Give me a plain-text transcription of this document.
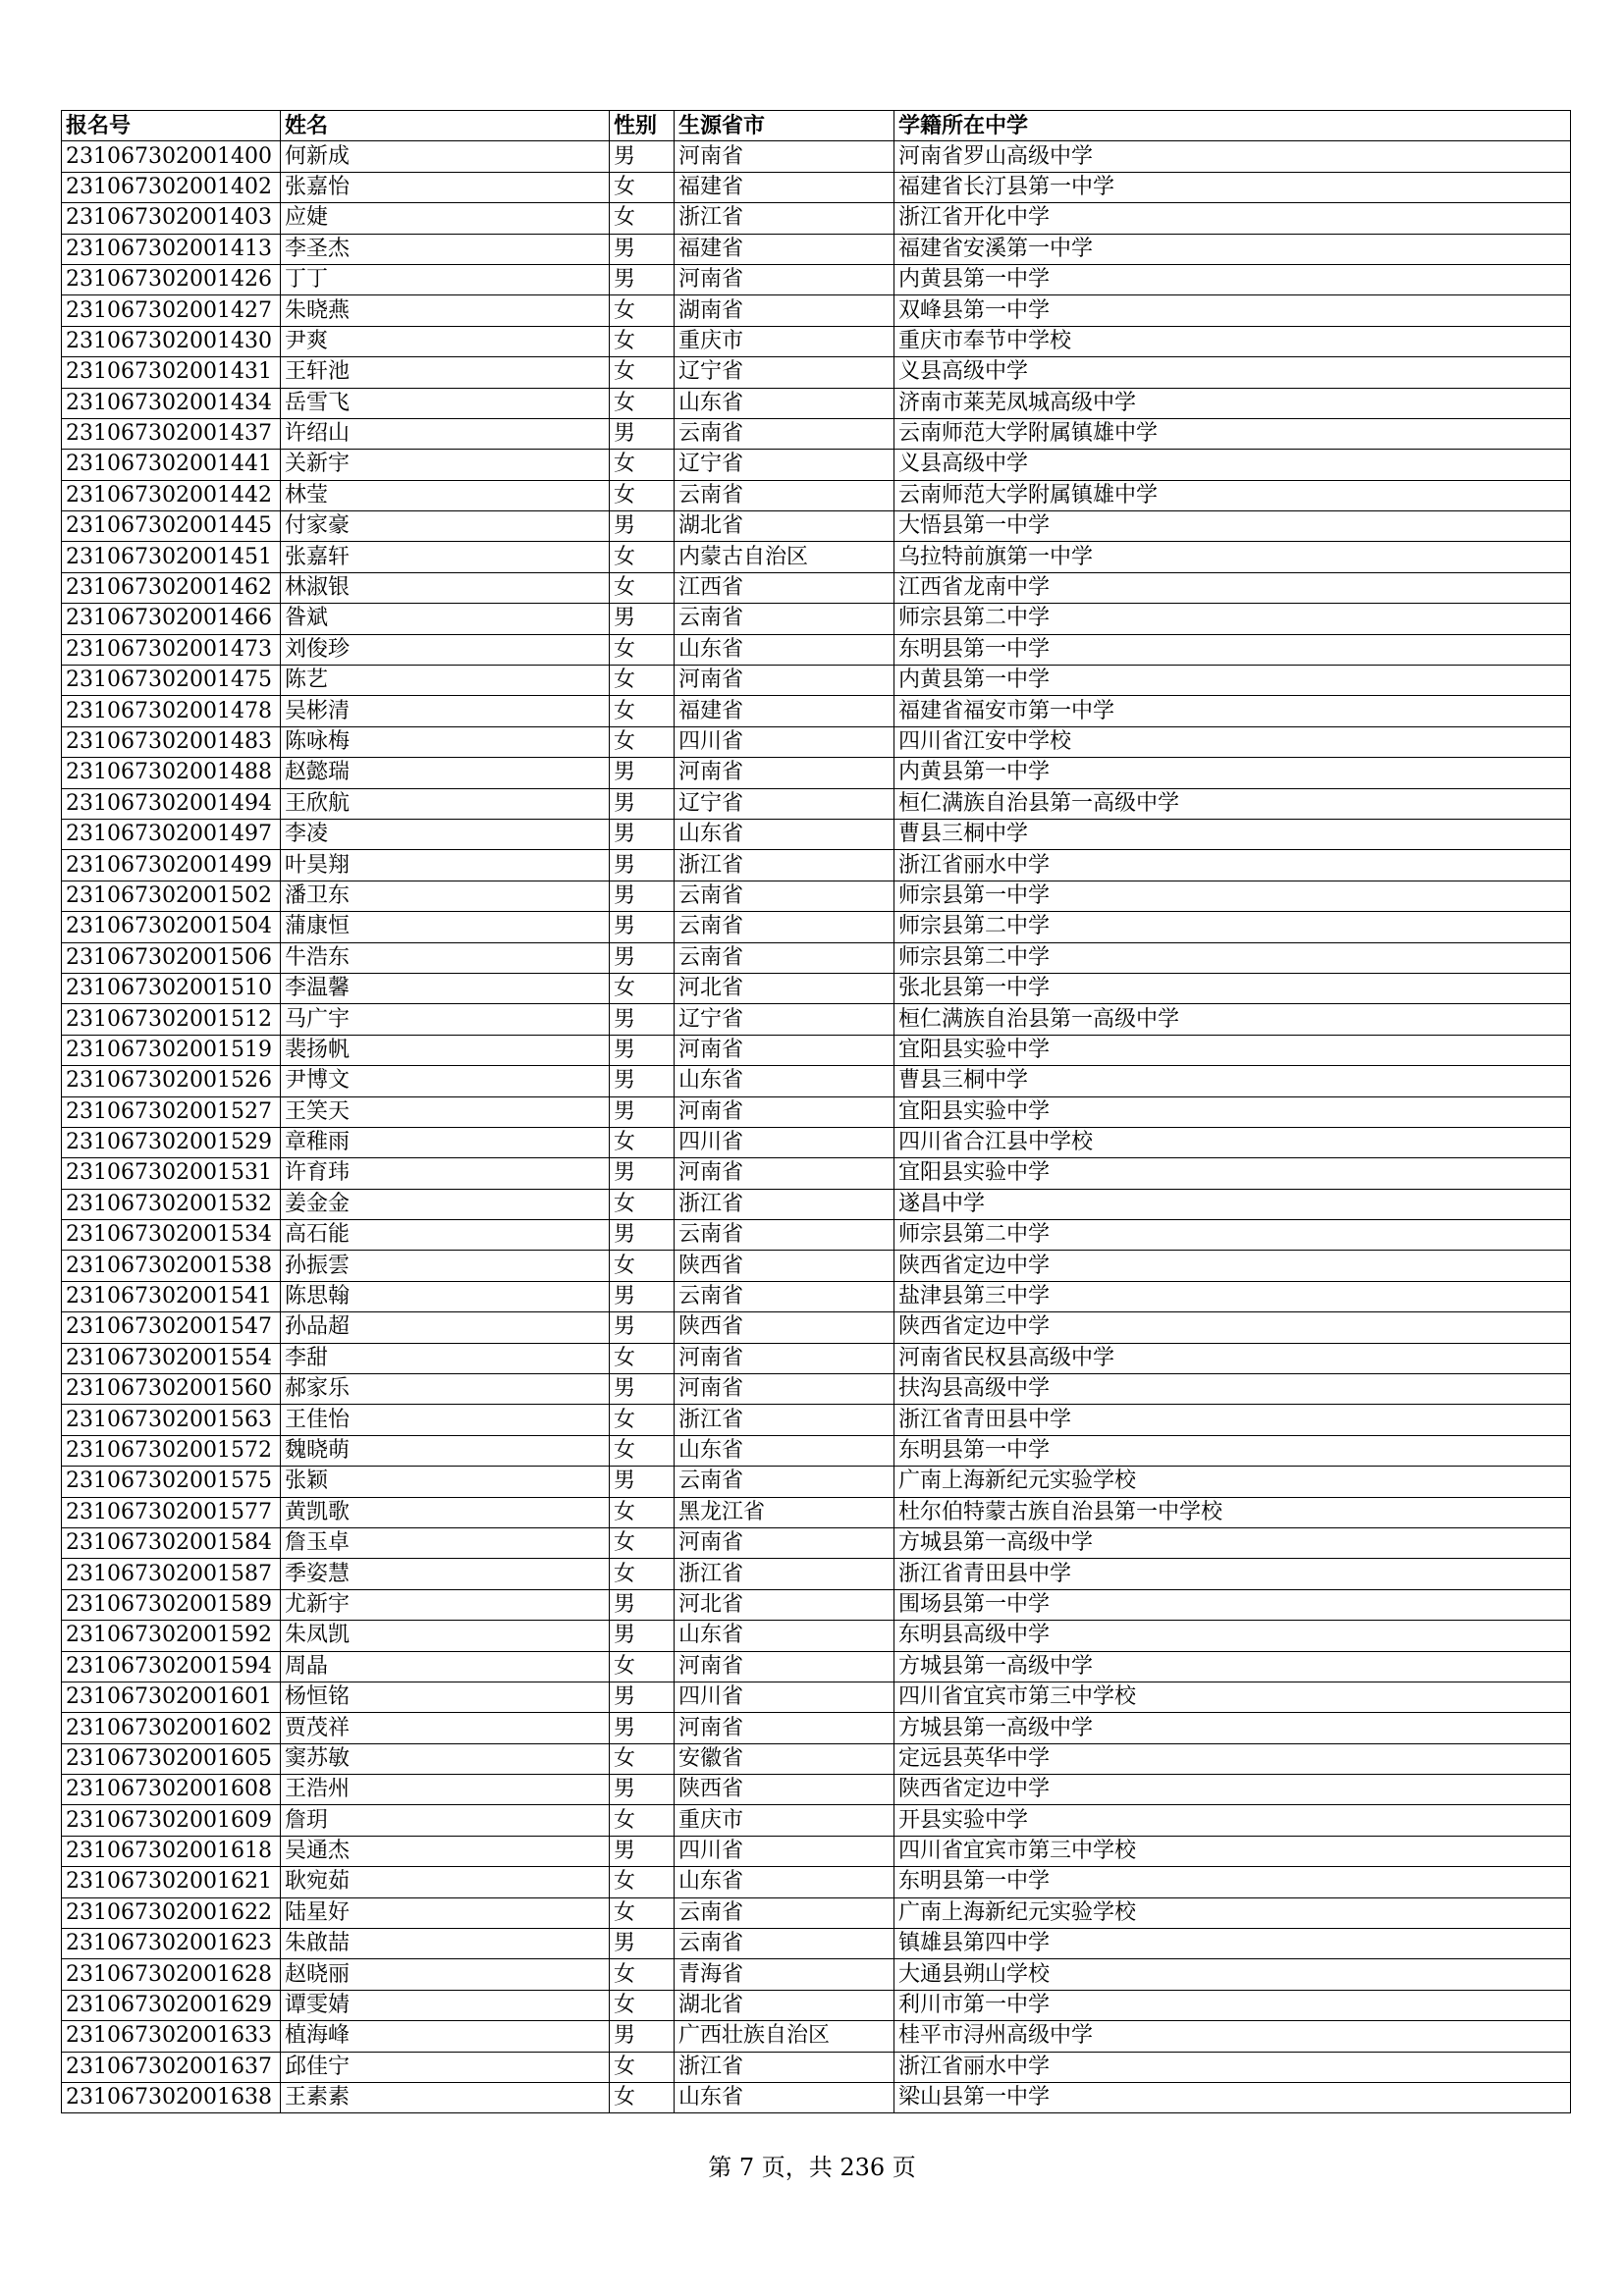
报名号	姓名	性别	生源省市	学籍所在中学
231067302001400	何新成	男	河南省	河南省罗山高级中学
231067302001402	张嘉怡	女	福建省	福建省长汀县第一中学
231067302001403	应婕	女	浙江省	浙江省开化中学
231067302001413	李圣杰	男	福建省	福建省安溪第一中学
231067302001426	丁丁	男	河南省	内黄县第一中学
231067302001427	朱晓燕	女	湖南省	双峰县第一中学
231067302001430	尹爽	女	重庆市	重庆市奉节中学校
231067302001431	王轩池	女	辽宁省	义县高级中学
231067302001434	岳雪飞	女	山东省	济南市莱芜凤城高级中学
231067302001437	许绍山	男	云南省	云南师范大学附属镇雄中学
231067302001441	关新宇	女	辽宁省	义县高级中学
231067302001442	林莹	女	云南省	云南师范大学附属镇雄中学
231067302001445	付家豪	男	湖北省	大悟县第一中学
231067302001451	张嘉轩	女	内蒙古自治区	乌拉特前旗第一中学
231067302001462	林淑银	女	江西省	江西省龙南中学
231067302001466	昝斌	男	云南省	师宗县第二中学
231067302001473	刘俊珍	女	山东省	东明县第一中学
231067302001475	陈艺	女	河南省	内黄县第一中学
231067302001478	吴彬清	女	福建省	福建省福安市第一中学
231067302001483	陈咏梅	女	四川省	四川省江安中学校
231067302001488	赵懿瑞	男	河南省	内黄县第一中学
231067302001494	王欣航	男	辽宁省	桓仁满族自治县第一高级中学
231067302001497	李凌	男	山东省	曹县三桐中学
231067302001499	叶昊翔	男	浙江省	浙江省丽水中学
231067302001502	潘卫东	男	云南省	师宗县第一中学
231067302001504	蒲康恒	男	云南省	师宗县第二中学
231067302001506	牛浩东	男	云南省	师宗县第二中学
231067302001510	李温馨	女	河北省	张北县第一中学
231067302001512	马广宇	男	辽宁省	桓仁满族自治县第一高级中学
231067302001519	裴扬帆	男	河南省	宜阳县实验中学
231067302001526	尹博文	男	山东省	曹县三桐中学
231067302001527	王笑天	男	河南省	宜阳县实验中学
231067302001529	章稚雨	女	四川省	四川省合江县中学校
231067302001531	许育玮	男	河南省	宜阳县实验中学
231067302001532	姜金金	女	浙江省	遂昌中学
231067302001534	高石能	男	云南省	师宗县第二中学
231067302001538	孙振雲	女	陕西省	陕西省定边中学
231067302001541	陈思翰	男	云南省	盐津县第三中学
231067302001547	孙品超	男	陕西省	陕西省定边中学
231067302001554	李甜	女	河南省	河南省民权县高级中学
231067302001560	郝家乐	男	河南省	扶沟县高级中学
231067302001563	王佳怡	女	浙江省	浙江省青田县中学
231067302001572	魏晓萌	女	山东省	东明县第一中学
231067302001575	张颖	男	云南省	广南上海新纪元实验学校
231067302001577	黄凯歌	女	黑龙江省	杜尔伯特蒙古族自治县第一中学校
231067302001584	詹玉卓	女	河南省	方城县第一高级中学
231067302001587	季姿慧	女	浙江省	浙江省青田县中学
231067302001589	尤新宇	男	河北省	围场县第一中学
231067302001592	朱凤凯	男	山东省	东明县高级中学
231067302001594	周晶	女	河南省	方城县第一高级中学
231067302001601	杨恒铭	男	四川省	四川省宜宾市第三中学校
231067302001602	贾茂祥	男	河南省	方城县第一高级中学
231067302001605	窦苏敏	女	安徽省	定远县英华中学
231067302001608	王浩州	男	陕西省	陕西省定边中学
231067302001609	詹玥	女	重庆市	开县实验中学
231067302001618	吴通杰	男	四川省	四川省宜宾市第三中学校
231067302001621	耿宛茹	女	山东省	东明县第一中学
231067302001622	陆星好	女	云南省	广南上海新纪元实验学校
231067302001623	朱啟喆	男	云南省	镇雄县第四中学
231067302001628	赵晓丽	女	青海省	大通县朔山学校
231067302001629	谭雯婧	女	湖北省	利川市第一中学
231067302001633	植海峰	男	广西壮族自治区	桂平市浔州高级中学
231067302001637	邱佳宁	女	浙江省	浙江省丽水中学
231067302001638	王素素	女	山东省	梁山县第一中学
第 7 页，共 236 页
